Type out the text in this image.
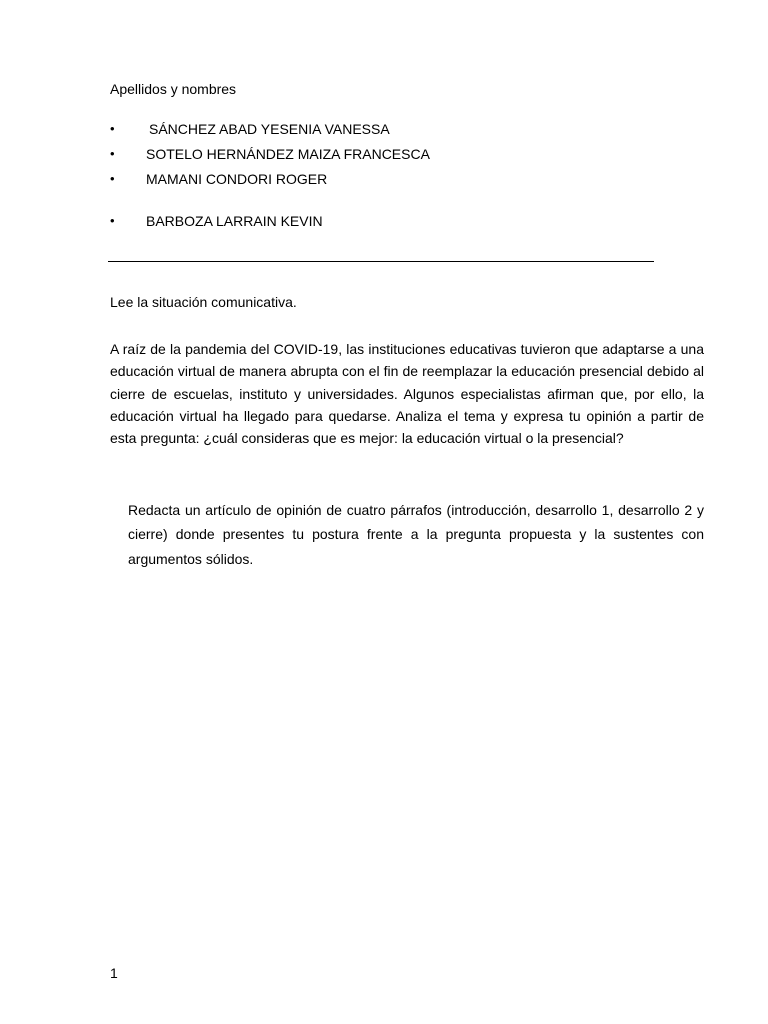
Apellidos y nombres
• SÁNCHEZ ABAD YESENIA VANESSA
• SOTELO HERNÁNDEZ MAIZA FRANCESCA
• MAMANI CONDORI ROGER
• BARBOZA LARRAIN KEVIN
Lee la situación comunicativa.

A raíz de la pandemia del COVID-19, las instituciones educativas tuvieron que adaptarse a una educación virtual de manera abrupta con el fin de reemplazar la educación presencial debido al cierre de escuelas, instituto y universidades. Algunos especialistas afirman que, por ello, la educación virtual ha llegado para quedarse. Analiza el tema y expresa tu opinión a partir de esta pregunta: ¿cuál consideras que es mejor: la educación virtual o la presencial?

Redacta un artículo de opinión de cuatro párrafos (introducción, desarrollo 1, desarrollo 2 y cierre) donde presentes tu postura frente a la pregunta propuesta y la sustentes con argumentos sólidos.

1
